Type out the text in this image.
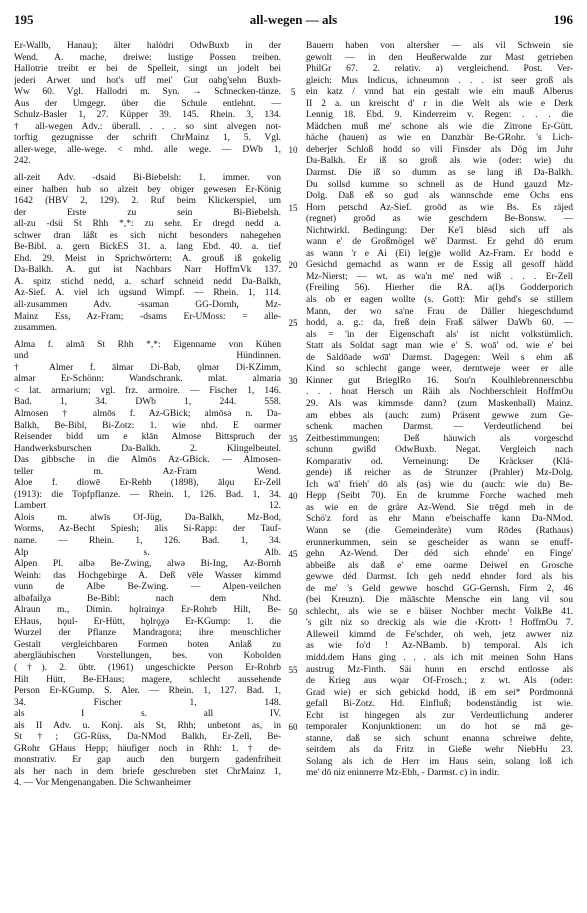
195	all-wegen — als	196
Er-Wallb, Hanau); älter halòdri OdwBuxb in der
Wend. A. mache, dreiwe: lustige Possen treiben.
Hallotrie treibt er bei de Spelleit, singt un jodelt bei
jederi Ärwet und hot's uff mei' Gut oabg'sehn Buxb-
Ww 60. Vgl. Hallodri m. Syn. → Schnecken-tänze.
Aus der Umgegr. über die Schule entlehnt. —
Schulz-Basler 1, 27. Küpper 39. 145. Rhein. 3, 134.
† all-wegen Adv.: überall. . . . so sint alvegen not-
torftig gezugnisse der schrift ChrMainz 1, 5. Vgl.
aller-wege, alle-wege. < mhd. alle wege. — DWb 1,
242.
all-zeit Adv. -dsaid Bi-Biebelsh: 1. immer. von
einer halben hub so alzeit bey obiger gewesen Er-König
1642 (HBV 2, 129). 2. Ruf beim Klickerspiel, um
der Erste zu sein Bi-Biebelsh.
all-zu -dsü St Rhh *,*: zu sehr. Er dregd nedd a.
schwer dran läßt es sich nicht besonders nahegehen
Be-Bibl. a. gern BickES 31. a. lang Ebd. 40. a. tief
Ebd. 29. Meist in Sprichwörtern: A. grouß iß gokelig
Da-Balkh. A. gut ist Nachbars Narr HoffmVk 137.
A. spitz stichd nedd, a. scharf schneid nedd Da-Balkh,
Az-Sief. A. viel ich ugsund Wimpf. — Rhein. 1, 114.
all-zusammen Adv. -ssaman GG-Dornh, Mz-
Mainz Ess, Az-Fram; -dsams Er-UMoss: = alle-
zusammen.
Alma f. almā St Rhh *,*: Eigenname von Kühen
und Hündinnen.
† Almer f. ālmər Di-Bab, ǫlmər Di-KZimm,
almər Er-Schönn: Wandschrank. mlat. almaria
< lat. armarium; vgl. frz. armoire. — Fischer 1, 146.
Bad. 1, 34. DWb 1, 244. 558.
Almosen † almōs f. Az-GBick; almōsə n. Da-
Balkh, Be-Bibl, Bi-Zotz: 1. wie nhd. E oarmer
Reisender bidd um e klān Almose Bittspruch der
Handwerksburschen Da-Balkh. 2. Klingelbeutel.
Das gibbsche in die Almōs Az-GBick. — Almosen-
teller m. Az-Fram Wend.
Aloe f. dlowē Er-Rehb (1898), ālǫu Er-Zell
(1913): die Topfpflanze. — Rhein. 1, 126. Bad. 1, 34.
Lambert 12.
Alois m. alwīs Of-Jüg, Da-Balkh, Mz-Bod,
Worms, Az-Becht Spiesh; ālis Si-Rapp: der Tauf-
name. — Rhein. 1, 126. Bad. 1, 34.
Alp s. Alb.
Alpen Pl. albə Be-Zwing, alwə Bi-Ing, Az-Bornh
Weinh: das Hochgebirge A. Deß vēle Wasser kimmd
vunn de Albe Be-Zwing. — Alpen-veilchen
albəfailχə Be-Bibl: nach dem Nhd.
Alraun m., Dimin. hǫlrainχə Er-Rohrb Hilt, Be-
EHaus, hǫul- Er-Hütt, hǫlrǫχə Er-KGump: 1. die
Wurzel der Pflanze Mandragora; ihre menschlicher
Gestalt vergleichbaren Formen boten Anlaß zu
abergläubischen Vorstellungen, bes. von Kobolden
(†). 2. übtr. (1961) ungeschickte Person Er-Rohrb
Hilt Hütt, Be-EHaus; magere, schlecht aussehende
Person Er-KGump. S. Aler. — Rhein. 1, 127. Bad. 1,
34. Fischer 1, 148.
als I s. all IV.
als II Adv. u. Konj. als St, Rhh; unbetont as, in
St †; GG-Rüss, Da-NMod Balkh, Er-Zell, Be-
GRohr GHaus Hepp; häufiger noch in Rhh: 1. † de-
monstrativ. Er gap auch den burgern gadenfriheit
als her nach in dem briefe geschreben stet ChrMainz 1,
4. — Vor Mengenangaben. Die Schwanheimer
5
10
15
20
25
30
35
40
45
50
55
60
Bauern haben von altersher — als vil Schwein sie
gewolt — in den Heußerwalde zur Mast getrieben
PhilGr 67. 2. relativ. a) vergleichend. Post. Ver-
gleich: Mus Indicus, ichneumon . . . ist seer groß als
ein katz / vnnd hat ein gestalt wie ein mauß Alberus
II 2 a. un kreischt d' r in die Welt als wie e Derk
Lennig 18. Ebd. 9. Kinderreim v. Regen: . . . die
Mädchen muß me' schone als wie die Zitrone Er-Gütt.
häche (hauen) as wie en Danzbär Be-GRohr. 's Lich-
deberjer Schloß hodd so vill Finsder als Dög im Juhr
Da-Balkh. Er iß so groß als wie (oder: wie) du
Darmst. Die iß so dumm as se lang iß Da-Balkh.
Du sollsd kumme so schnell as de Hund gauzd Mz-
Dolg. Daß eß so gud als wannschde eme Ochs ens
Horn petschd Az-Sief. groōd as wie Bs. Es räjed
(regnet) groōd as wie geschdern Be-Bonsw. —
Nichtwirkl. Bedingung: Der Ke'l blēsd sich uff als
wann e' de Großmögel wē' Darmst. Er gehd dō erum
as wann 'r e Äi (Ei) le(g)e wolld Az-Fram. Er hodd e
Gesichd gemachd as wann er de Essig all gesoff hädd
Mz-Nierst; — wt. as wa'n me' ned wiß . . . Er-Zell
(Freiling 56). Hierher die RA. a(l)s Godderporich
als ob er eagen wollte (s. Gott): Mir gehd's se stillem
Mann, der wo sa'ne Frau de Däller hiegeschdumd
hodd, a. g.: da, freß dein Fraß sälwer DaWb 60. —
als = 'in der Eigenschaft als' ist nicht volkstümlich.
Statt als Soldat sagt man wie e' S. woā' od. wie e' bei
de Saldōade wo͞ā' Darmst. Dagegen: Weil s ehm aß
Kind so schlecht gange weer, derntweje weer er alle
Kinner gut BrieglRo 16. Sou'n Koulhlebrennerschbu
. . . hoat Hersch un Räih als Nochberschleit HoffmOu
29. Als was kimmsde dann? (zum Maskenball) Mainz.
am ebbes als (auch: zum) Präsent gewwe zum Ge-
schenk machen Darmst. — Verdeutlichend bei
Zeitbestimmungen: Deß häuwich als vorgeschd
schunn gwißd OdwBuxb. Negat. Vergleich nach
Komparativ od. Verneinung: De Kräckser (Klä-
gende) iß reicher as de Strunzer (Prahler) Mz-Dolg.
Ich wā' frieh' dō als (as) wie du (auch: wie du) Be-
Hepp (Seibt 70). En de krumme Forche wached meh
as wie en de gräre Az-Wend. Sie trēgd meh in de
Schö'z ford as ehr Mann e'beischaffe kann Da-NMod.
Wann se (die Gemeinderäte) vum Rōdes (Rathaus)
erunnerkummen, sein se gescheider as wann se enuff-
gehn Az-Wend. Der déd sich ehnde' en Finge'
abbeiße als daß e' eme oarme Deiwel en Grosche
gewwe déd Darmst. Ich geh nedd ehnder ford als bis
de me' 's Geld gewwe hoschd GG-Gernsh. Firm 2, 46
(bei Kreuzn). Die mäāschte Mensche ein lang vil sou
schlecht, als wie se e bäiser Nochber mecht VolkBe 41.
's gilt niz so dreckig als wie die ‹Krott› ! HoffmOu 7.
Alleweil kimmd de Fe'schder, oh weh, jetz awwer niz
as wie fo'd ! Az-NBamb. b) temporal. Als ich
midd.dem Hans ging . . . als ich mit meinen Sohn Hans
austrug Mz-Finth. Säi hunn en erschd entlosse als
de Krieg aus wǫar Of-Frosch.; z wt. Als (oder:
Grad wie) er sich gebickd hodd, iß em sei* Pordmonnä
gefall Bi-Zotz. Hd. Einfluß; bodenständig ist wie.
Echt ist hingegen als zur Verdeutlichung anderer
temporaler Konjunktionen: un do hot se mā ge-
stanne, daß se sich schunt enanna schreiwe dehte,
seitdem als da Fritz in Gieße wehr NiebHu 23.
Solang als ich de Herr im Haus sein, solang loß ich
me' dō niz eninnerre Mz-Ebh, - Darmst. c) in indir.
